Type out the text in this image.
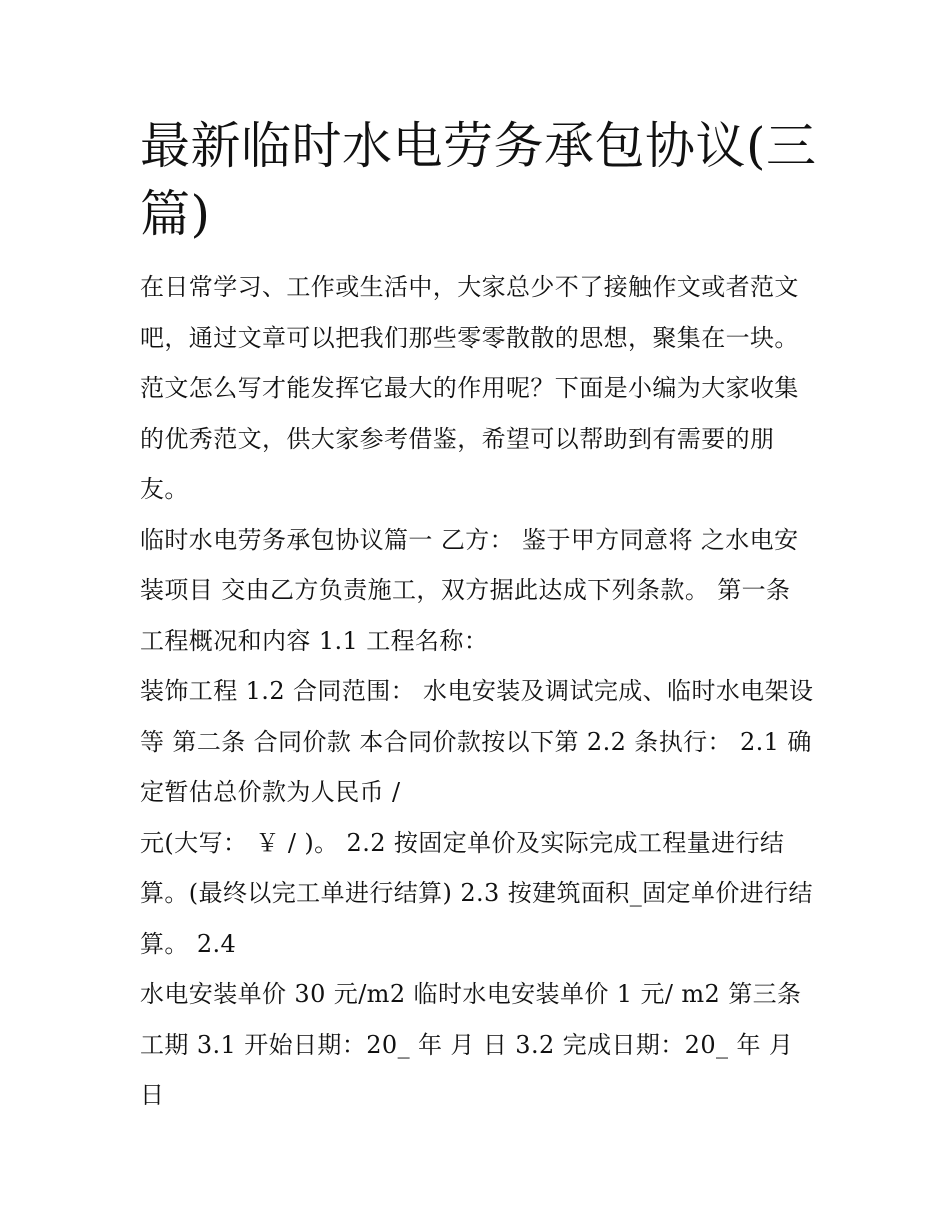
最新临时水电劳务承包协议(三篇)

在日常学习、工作或生活中，大家总少不了接触作文或者范文吧，通过文章可以把我们那些零零散散的思想，聚集在一块。范文怎么写才能发挥它最大的作用呢？下面是小编为大家收集的优秀范文，供大家参考借鉴，希望可以帮助到有需要的朋友。

临时水电劳务承包协议篇一 乙方： 鉴于甲方同意将 之水电安装项目 交由乙方负责施工，双方据此达成下列条款。 第一条 工程概况和内容 1.1 工程名称：

装饰工程 1.2 合同范围： 水电安装及调试完成、临时水电架设等 第二条 合同价款 本合同价款按以下第 2.2 条执行： 2.1 确定暂估总价款为人民币 /

元(大写： ￥ / )。 2.2 按固定单价及实际完成工程量进行结算。(最终以完工单进行结算) 2.3 按建筑面积_固定单价进行结算。 2.4

水电安装单价 30 元/m2 临时水电安装单价 1 元/ m2 第三条 工期 3.1 开始日期：20_ 年 月 日 3.2 完成日期：20_ 年 月 日
